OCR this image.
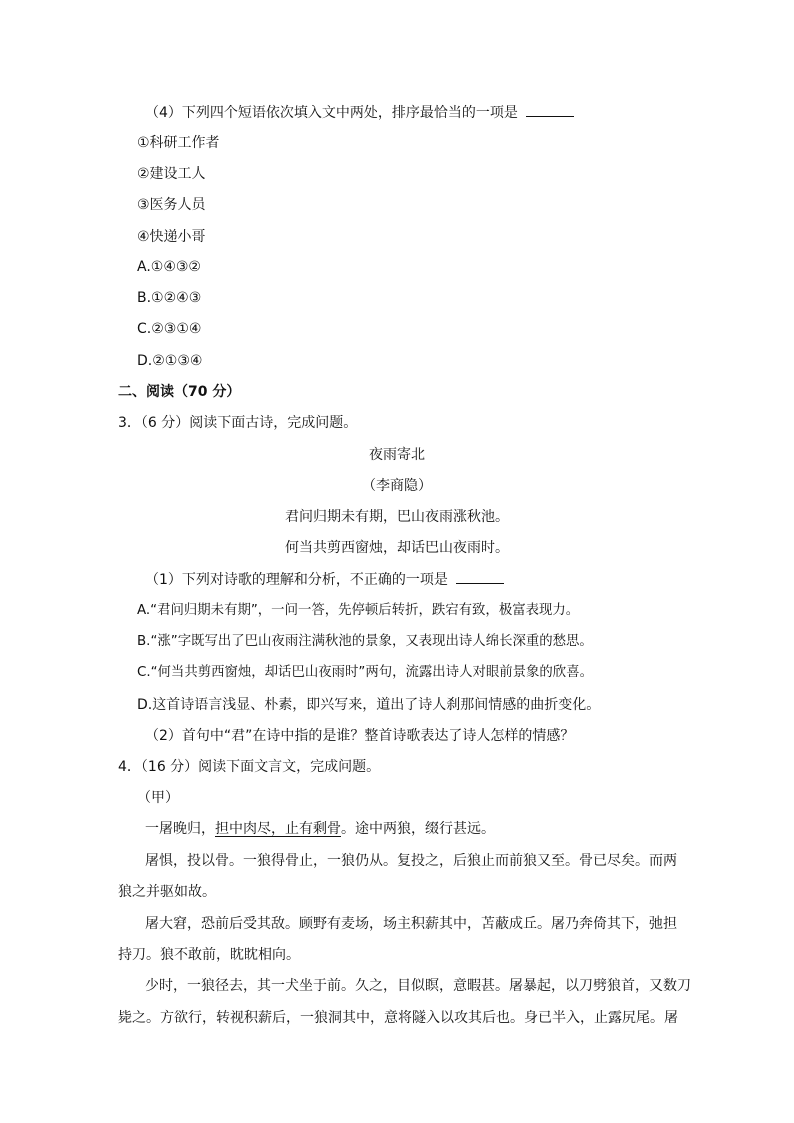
（4）下列四个短语依次填入文中两处，排序最恰当的一项是
①科研工作者
②建设工人
③医务人员
④快递小哥
A.①④③②
B.①②④③
C.②③①④
D.②①③④
二、阅读（70 分）
3．（6 分）阅读下面古诗，完成问题。
夜雨寄北
（李商隐）
君问归期未有期，巴山夜雨涨秋池。
何当共剪西窗烛，却话巴山夜雨时。
（1）下列对诗歌的理解和分析，不正确的一项是
A.“君问归期未有期”，一问一答，先停顿后转折，跌宕有致，极富表现力。
B.“涨”字既写出了巴山夜雨注满秋池的景象，又表现出诗人绵长深重的愁思。
C.“何当共剪西窗烛，却话巴山夜雨时”两句，流露出诗人对眼前景象的欣喜。
D.这首诗语言浅显、朴素，即兴写来，道出了诗人刹那间情感的曲折变化。
（2）首句中“君”在诗中指的是谁？整首诗歌表达了诗人怎样的情感？
4．（16 分）阅读下面文言文，完成问题。
（甲）
一屠晚归，担中肉尽，止有剩骨。途中两狼，缀行甚远。
屠惧，投以骨。一狼得骨止，一狼仍从。复投之，后狼止而前狼又至。骨已尽矣。而两
狼之并驱如故。
屠大窘，恐前后受其敌。顾野有麦场，场主积薪其中，苫蔽成丘。屠乃奔倚其下，弛担
持刀。狼不敢前，眈眈相向。
少时，一狼径去，其一犬坐于前。久之，目似瞑，意暇甚。屠暴起，以刀劈狼首，又数刀
毙之。方欲行，转视积薪后，一狼洞其中，意将隧入以攻其后也。身已半入，止露尻尾。屠
